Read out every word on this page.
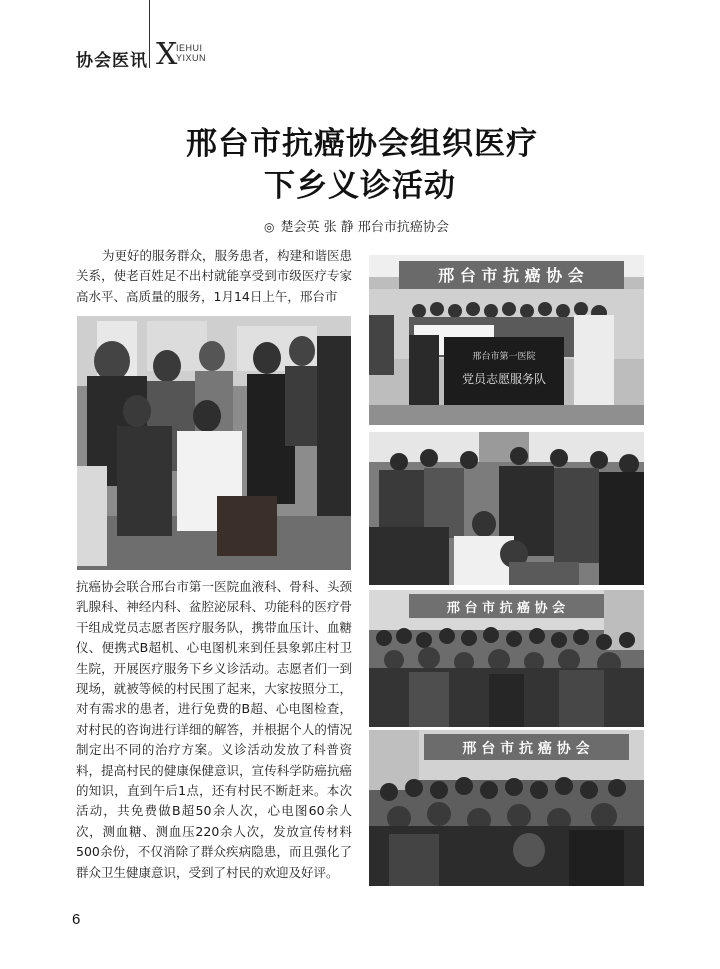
协会医讯 X
IEHUI
YIXUN
邢台市抗癌协会组织医疗
下乡义诊活动
◎ 楚会英 张 静 邢台市抗癌协会
为更好的服务群众，服务患者，构建和谐医患关系，使老百姓足不出村就能享受到市级医疗专家高水平、高质量的服务，1月14日上午，邢台市
抗癌协会联合邢台市第一医院血液科、骨科、头颈乳腺科、神经内科、盆腔泌尿科、功能科的医疗骨干组成党员志愿者医疗服务队，携带血压计、血糖仪、便携式B超机、心电图机来到任县象郭庄村卫生院，开展医疗服务下乡义诊活动。志愿者们一到现场，就被等候的村民围了起来，大家按照分工，对有需求的患者，进行免费的B超、心电图检查，对村民的咨询进行详细的解答，并根据个人的情况制定出不同的治疗方案。义诊活动发放了科普资料，提高村民的健康保健意识，宣传科学防癌抗癌的知识，直到午后1点，还有村民不断赶来。本次活动，共免费做B超50余人次，心电图60余人次，测血糖、测血压220余人次，发放宣传材料500余份，不仅消除了群众疾病隐患，而且强化了群众卫生健康意识，受到了村民的欢迎及好评。
邢 台 市 抗 癌 协 会
邢台市第一医院
党员志愿服务队
邢 台 市 抗 癌 协 会
邢 台 市 抗 癌 协 会
6
